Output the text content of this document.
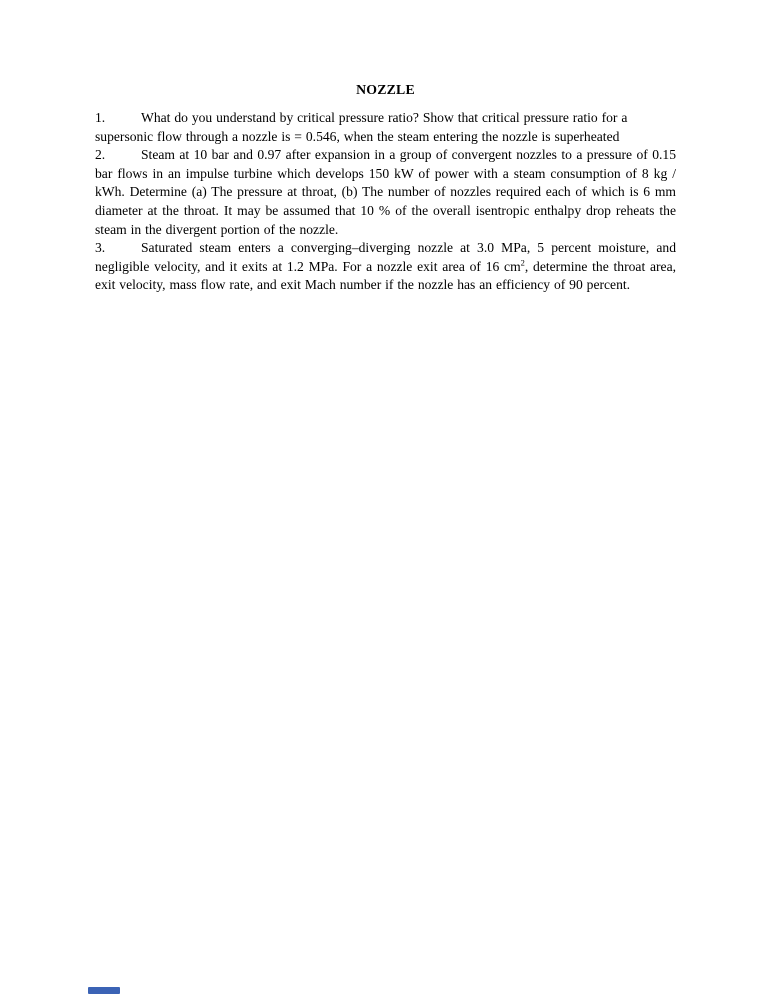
NOZZLE

1.	What do you understand by critical pressure ratio? Show that critical pressure ratio for a supersonic flow through a nozzle is = 0.546, when the steam entering the nozzle is superheated

2.	Steam at 10 bar and 0.97 after expansion in a group of convergent nozzles to a pressure of 0.15 bar flows in an impulse turbine which develops 150 kW of power with a steam consumption of 8 kg / kWh. Determine (a) The pressure at throat, (b) The number of nozzles required each of which is 6 mm diameter at the throat. It may be assumed that 10 % of the overall isentropic enthalpy drop reheats the steam in the divergent portion of the nozzle.

3.	Saturated steam enters a converging–diverging nozzle at 3.0 MPa, 5 percent moisture, and negligible velocity, and it exits at 1.2 MPa. For a nozzle exit area of 16 $cm^2$, determine the throat area, exit velocity, mass flow rate, and exit Mach number if the nozzle has an efficiency of 90 percent.
